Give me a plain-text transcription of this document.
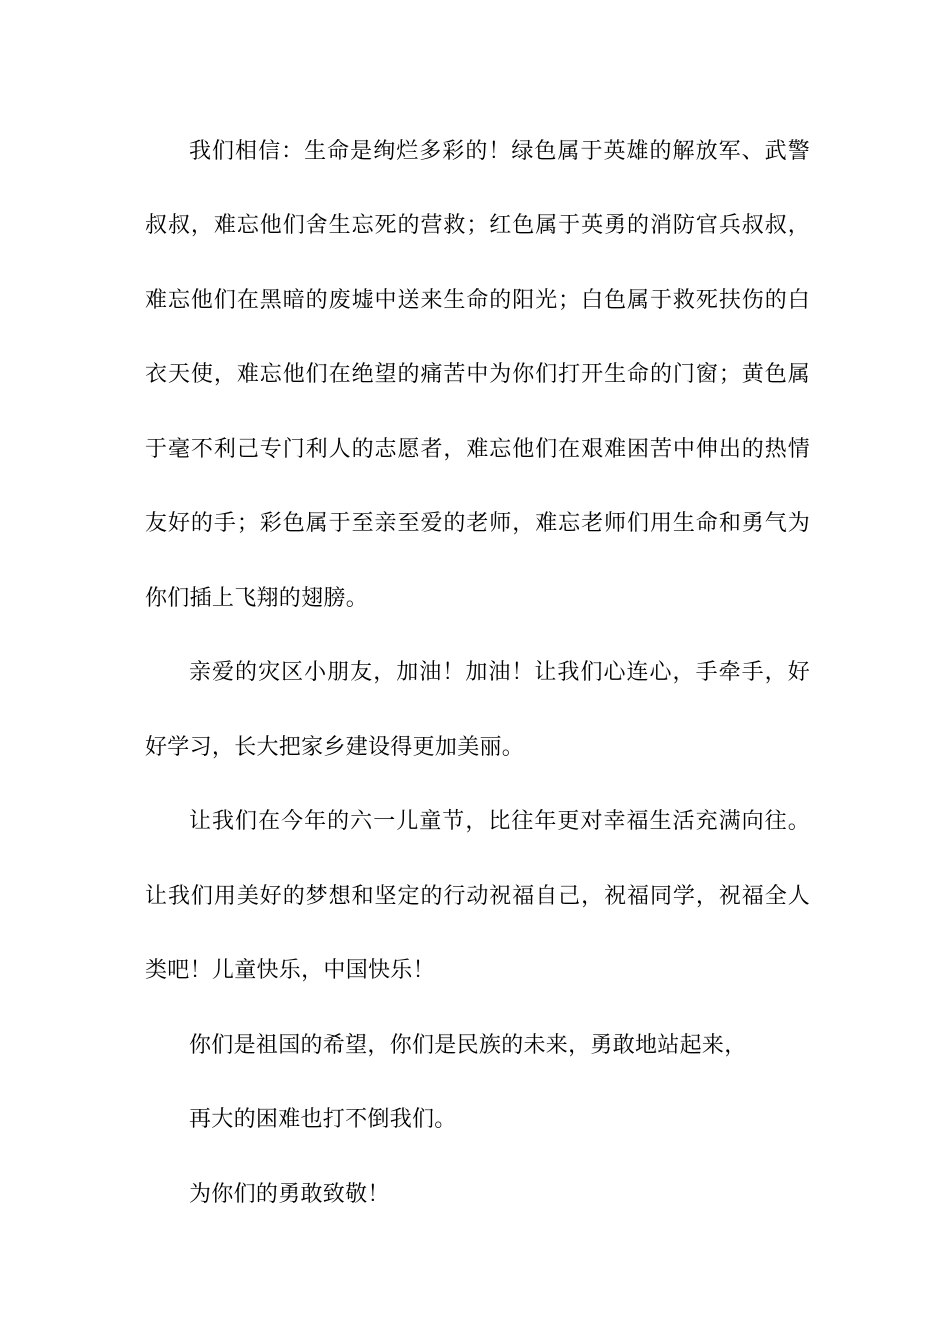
我们相信：生命是绚烂多彩的！绿色属于英雄的解放军、武警
叔叔，难忘他们舍生忘死的营救；红色属于英勇的消防官兵叔叔，
难忘他们在黑暗的废墟中送来生命的阳光；白色属于救死扶伤的白
衣天使，难忘他们在绝望的痛苦中为你们打开生命的门窗；黄色属
于毫不利己专门利人的志愿者，难忘他们在艰难困苦中伸出的热情
友好的手；彩色属于至亲至爱的老师，难忘老师们用生命和勇气为
你们插上飞翔的翅膀。
亲爱的灾区小朋友，加油！加油！让我们心连心，手牵手，好
好学习，长大把家乡建设得更加美丽。
让我们在今年的六一儿童节，比往年更对幸福生活充满向往。
让我们用美好的梦想和坚定的行动祝福自己，祝福同学，祝福全人
类吧！儿童快乐，中国快乐！
你们是祖国的希望，你们是民族的未来，勇敢地站起来，
再大的困难也打不倒我们。
为你们的勇敢致敬！
